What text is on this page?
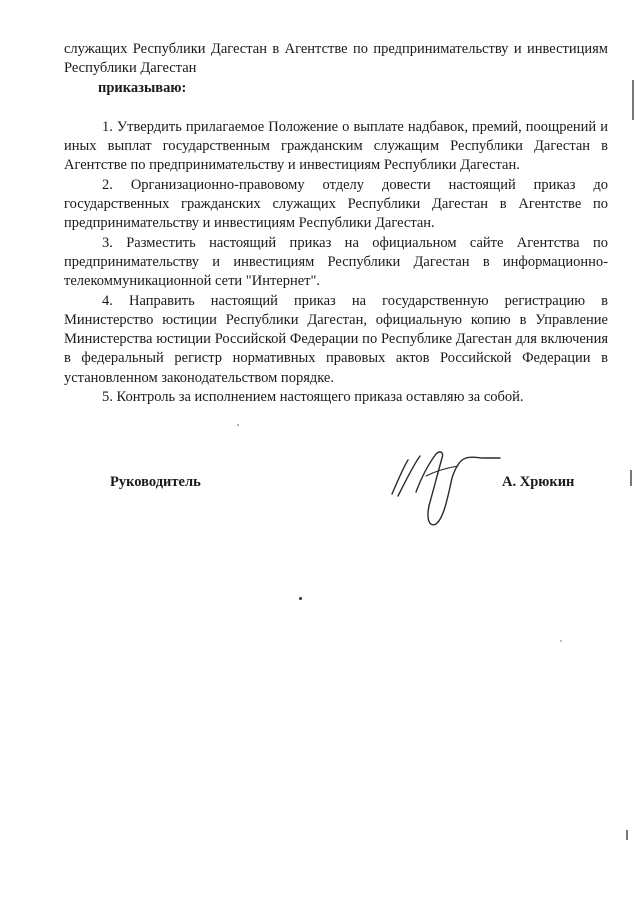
служащих Республики Дагестан в Агентстве по предпринимательству и инвестициям Республики Дагестан

приказываю:

1. Утвердить прилагаемое Положение о выплате надбавок, премий, поощрений и иных выплат государственным гражданским служащим Республики Дагестан в Агентстве по предпринимательству и инвестициям Республики Дагестан.

2. Организационно-правовому отделу довести настоящий приказ до государственных гражданских служащих Республики Дагестан в Агентстве по предпринимательству и инвестициям Республики Дагестан.

3. Разместить настоящий приказ на официальном сайте Агентства по предпринимательству и инвестициям Республики Дагестан в информационно-телекоммуникационной сети "Интернет".

4. Направить настоящий приказ на государственную регистрацию в Министерство юстиции Республики Дагестан, официальную копию в Управление Министерства юстиции Российской Федерации по Республике Дагестан для включения в федеральный регистр нормативных правовых актов Российской Федерации в установленном законодательством порядке.

5. Контроль за исполнением настоящего приказа оставляю за собой.

Руководитель	А. Хрюкин
